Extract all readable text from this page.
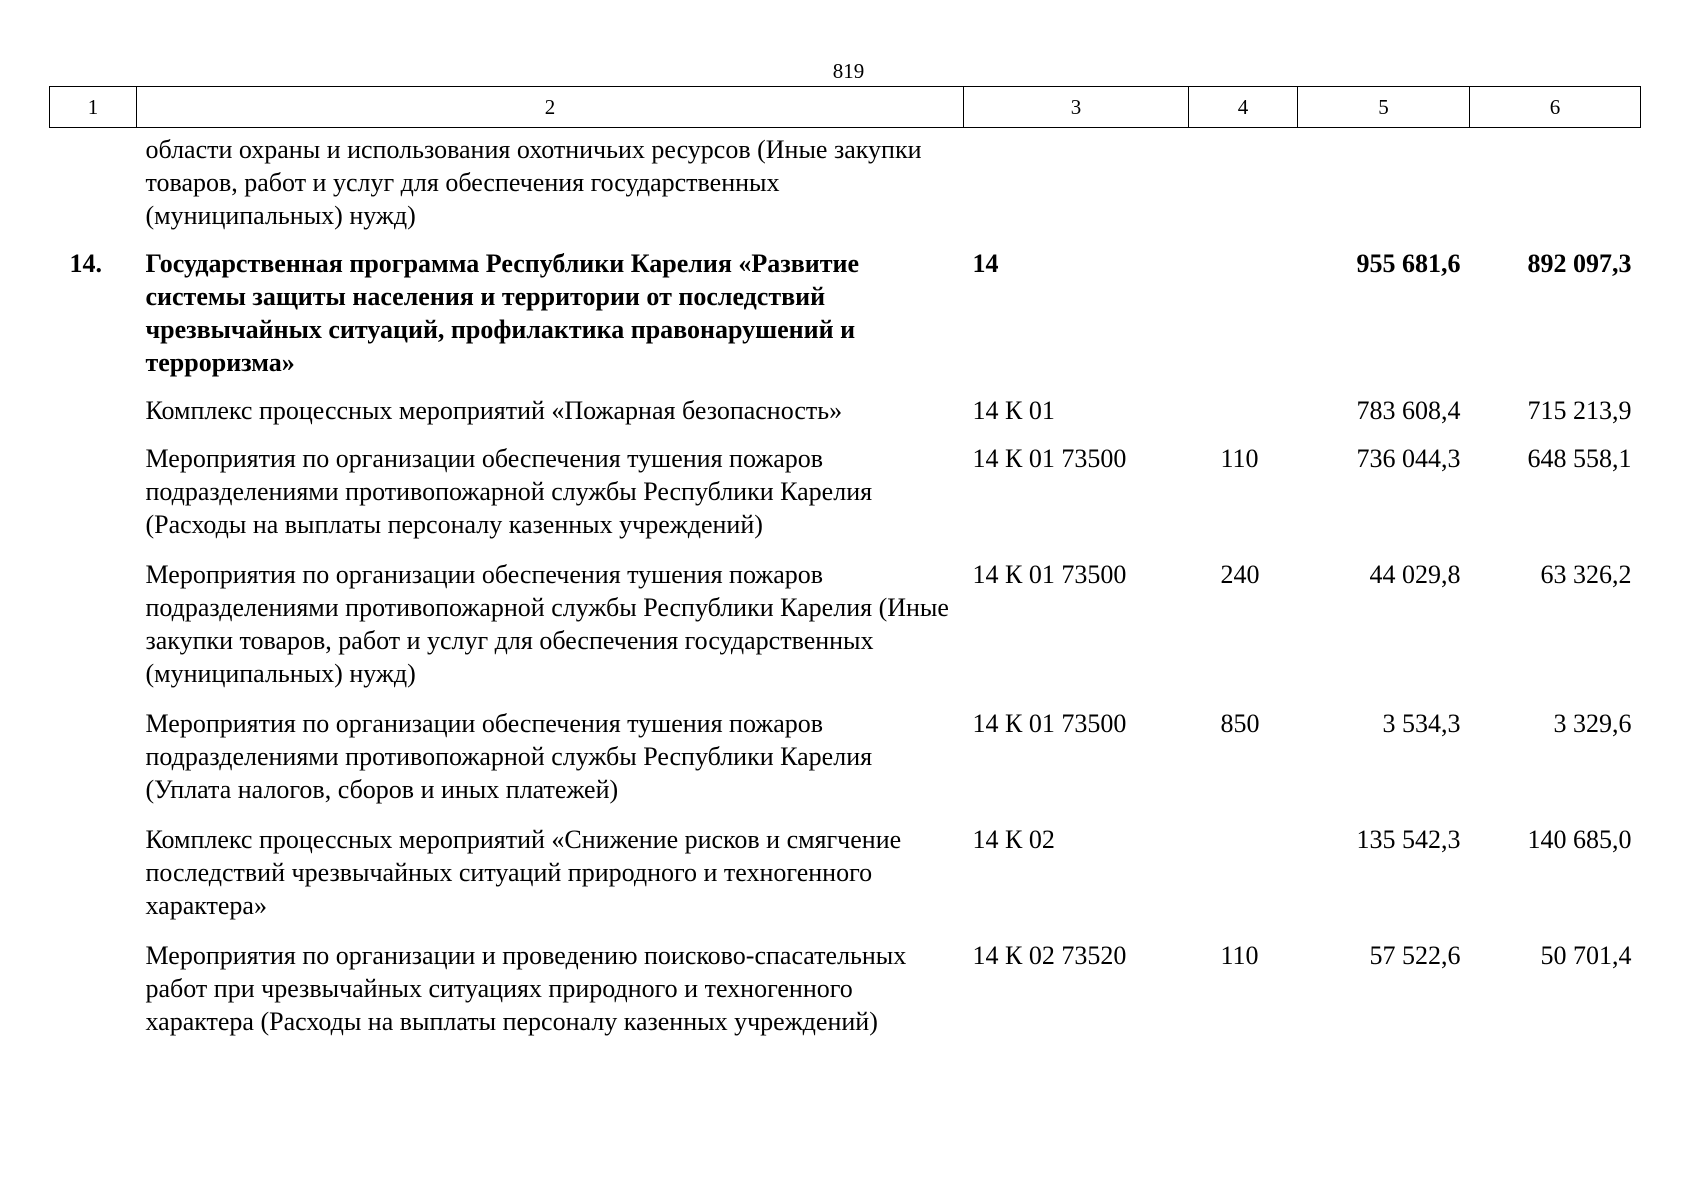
819
1	2	3	4	5	6
	области охраны и использования охотничьих ресурсов (Иные закупки товаров, работ и услуг для обеспечения государственных (муниципальных) нужд)				
14.	Государственная программа Республики Карелия «Развитие системы защиты населения и территории от последствий чрезвычайных ситуаций, профилактика правонарушений и терроризма»	14		955 681,6	892 097,3
	Комплекс процессных мероприятий «Пожарная безопасность»	14 К 01		783 608,4	715 213,9
	Мероприятия по организации обеспечения тушения пожаров подразделениями противопожарной службы Республики Карелия (Расходы на выплаты персоналу казенных учреждений)	14 К 01 73500	110	736 044,3	648 558,1
	Мероприятия по организации обеспечения тушения пожаров подразделениями противопожарной службы Республики Карелия (Иные закупки товаров, работ и услуг для обеспечения государственных (муниципальных) нужд)	14 К 01 73500	240	44 029,8	63 326,2
	Мероприятия по организации обеспечения тушения пожаров подразделениями противопожарной службы Республики Карелия (Уплата налогов, сборов и иных платежей)	14 К 01 73500	850	3 534,3	3 329,6
	Комплекс процессных мероприятий «Снижение рисков и смягчение последствий чрезвычайных ситуаций природного и техногенного характера»	14 К 02		135 542,3	140 685,0
	Мероприятия по организации и проведению поисково-спасательных работ при чрезвычайных ситуациях природного и техногенного характера (Расходы на выплаты персоналу казенных учреждений)	14 К 02 73520	110	57 522,6	50 701,4
